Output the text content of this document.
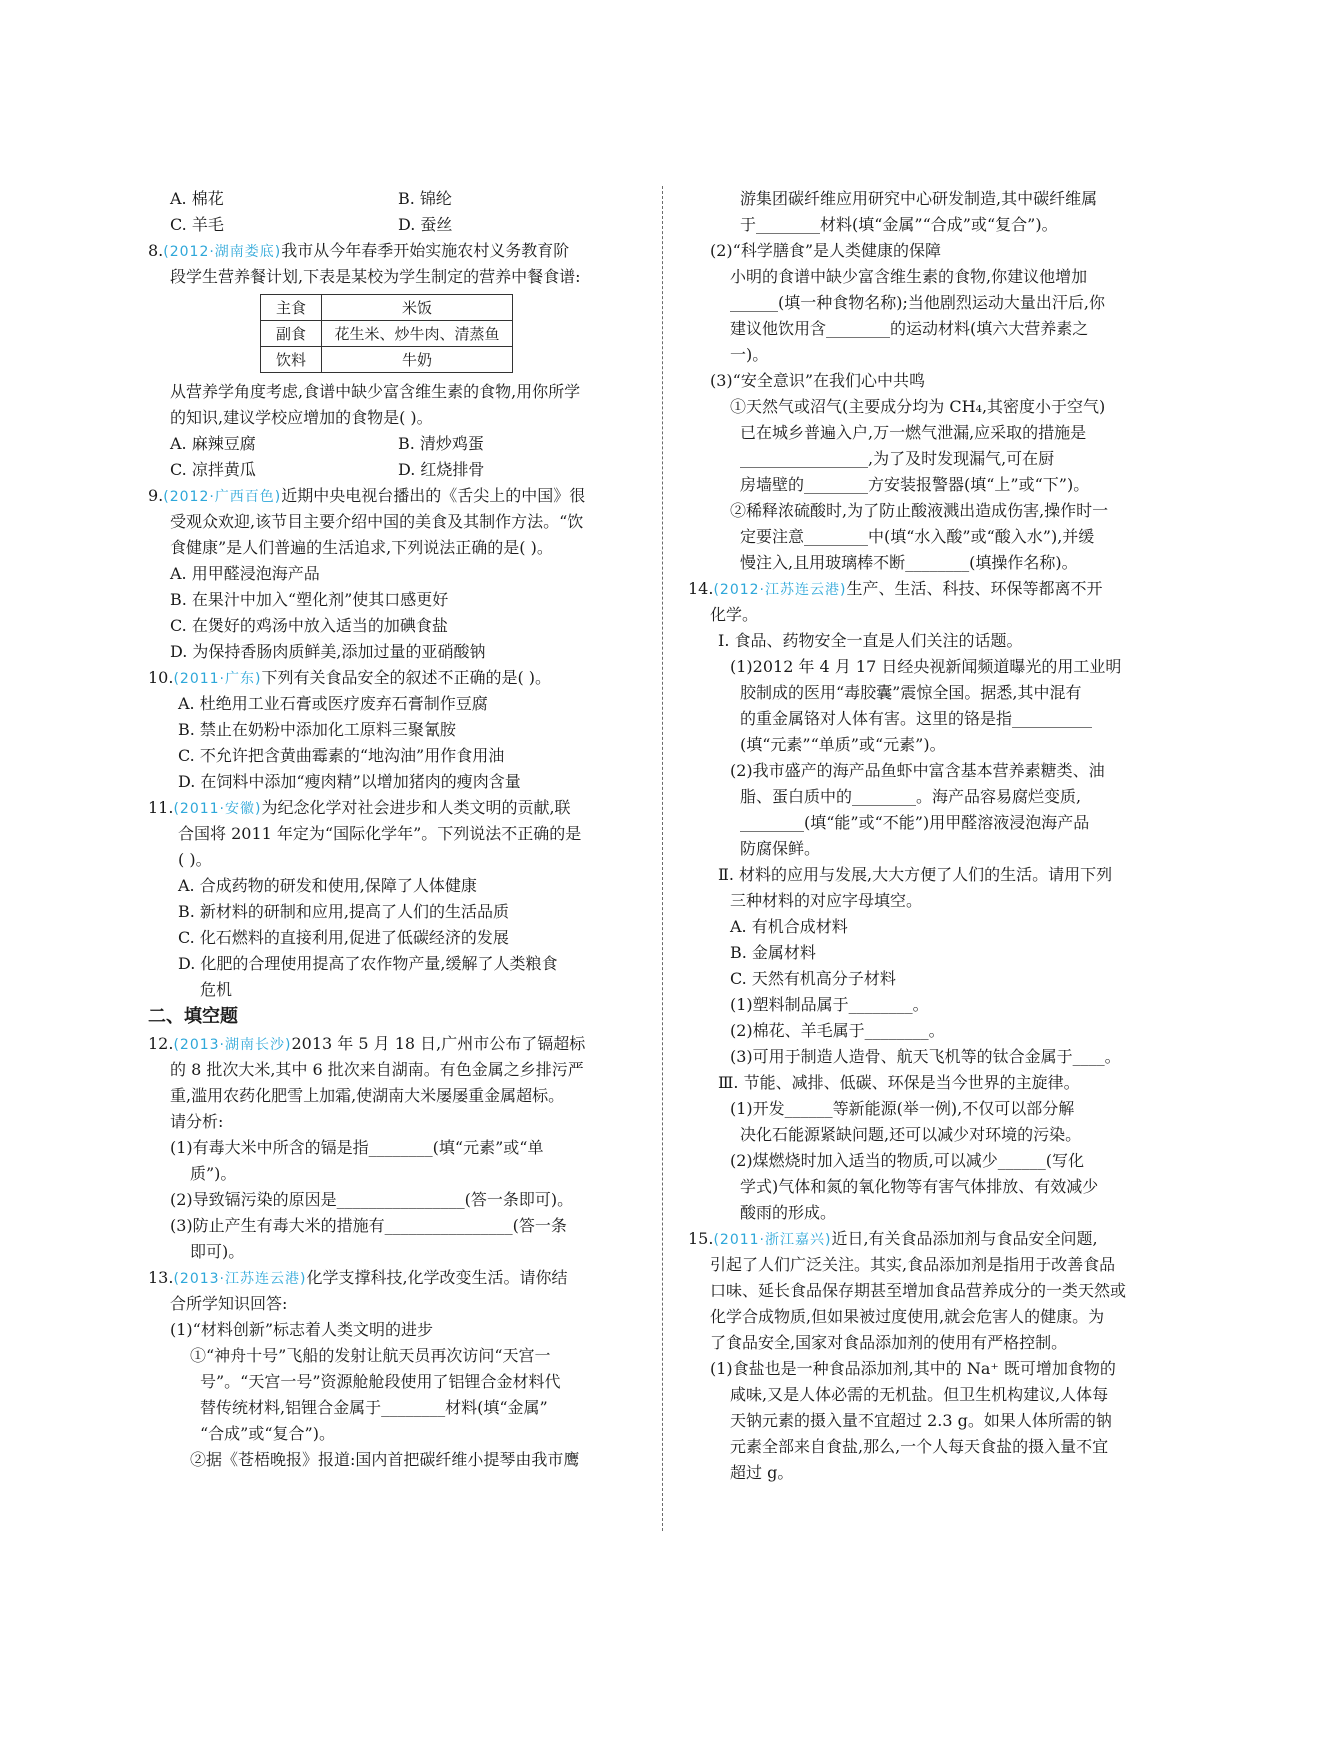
A. 棉花	B. 锦纶
C. 羊毛	D. 蚕丝
8.(2012·湖南娄底)我市从今年春季开始实施农村义务教育阶
段学生营养餐计划,下表是某校为学生制定的营养中餐食谱:
主食	米饭
副食	花生米、炒牛肉、清蒸鱼
饮料	牛奶
从营养学角度考虑,食谱中缺少富含维生素的食物,用你所学
的知识,建议学校应增加的食物是( )。
A. 麻辣豆腐	B. 清炒鸡蛋
C. 凉拌黄瓜	D. 红烧排骨
9.(2012·广西百色)近期中央电视台播出的《舌尖上的中国》很
受观众欢迎,该节目主要介绍中国的美食及其制作方法。“饮
食健康”是人们普遍的生活追求,下列说法正确的是( )。
A. 用甲醛浸泡海产品
B. 在果汁中加入“塑化剂”使其口感更好
C. 在煲好的鸡汤中放入适当的加碘食盐
D. 为保持香肠肉质鲜美,添加过量的亚硝酸钠
10.(2011·广东)下列有关食品安全的叙述不正确的是( )。
A. 杜绝用工业石膏或医疗废弃石膏制作豆腐
B. 禁止在奶粉中添加化工原料三聚氰胺
C. 不允许把含黄曲霉素的“地沟油”用作食用油
D. 在饲料中添加“瘦肉精”以增加猪肉的瘦肉含量
11.(2011·安徽)为纪念化学对社会进步和人类文明的贡献,联
合国将 2011 年定为“国际化学年”。下列说法不正确的是
( )。
A. 合成药物的研发和使用,保障了人体健康
B. 新材料的研制和应用,提高了人们的生活品质
C. 化石燃料的直接利用,促进了低碳经济的发展
D. 化肥的合理使用提高了农作物产量,缓解了人类粮食
危机
二、填空题
12.(2013·湖南长沙)2013 年 5 月 18 日,广州市公布了镉超标
的 8 批次大米,其中 6 批次来自湖南。有色金属之乡排污严
重,滥用农药化肥雪上加霜,使湖南大米屡屡重金属超标。
请分析:
(1)有毒大米中所含的镉是指________(填“元素”或“单
质”)。
(2)导致镉污染的原因是________________(答一条即可)。
(3)防止产生有毒大米的措施有________________(答一条
即可)。
13.(2013·江苏连云港)化学支撑科技,化学改变生活。请你结
合所学知识回答:
(1)“材料创新”标志着人类文明的进步
①“神舟十号”飞船的发射让航天员再次访问“天宫一
号”。“天宫一号”资源舱舱段使用了铝锂合金材料代
替传统材料,铝锂合金属于________材料(填“金属”
“合成”或“复合”)。
②据《苍梧晚报》报道:国内首把碳纤维小提琴由我市鹰
游集团碳纤维应用研究中心研发制造,其中碳纤维属
于________材料(填“金属”“合成”或“复合”)。
(2)“科学膳食”是人类健康的保障
小明的食谱中缺少富含维生素的食物,你建议他增加
______(填一种食物名称);当他剧烈运动大量出汗后,你
建议他饮用含________的运动材料(填六大营养素之
一)。
(3)“安全意识”在我们心中共鸣
①天然气或沼气(主要成分均为 CH₄,其密度小于空气)
已在城乡普遍入户,万一燃气泄漏,应采取的措施是
________________,为了及时发现漏气,可在厨
房墙壁的________方安装报警器(填“上”或“下”)。
②稀释浓硫酸时,为了防止酸液溅出造成伤害,操作时一
定要注意________中(填“水入酸”或“酸入水”),并缓
慢注入,且用玻璃棒不断________(填操作名称)。
14.(2012·江苏连云港)生产、生活、科技、环保等都离不开
化学。
Ⅰ. 食品、药物安全一直是人们关注的话题。
(1)2012 年 4 月 17 日经央视新闻频道曝光的用工业明
胶制成的医用“毒胶囊”震惊全国。据悉,其中混有
的重金属铬对人体有害。这里的铬是指__________
(填“元素”“单质”或“元素”)。
(2)我市盛产的海产品鱼虾中富含基本营养素糖类、油
脂、蛋白质中的________。海产品容易腐烂变质,
________(填“能”或“不能”)用甲醛溶液浸泡海产品
防腐保鲜。
Ⅱ. 材料的应用与发展,大大方便了人们的生活。请用下列
三种材料的对应字母填空。
A. 有机合成材料
B. 金属材料
C. 天然有机高分子材料
(1)塑料制品属于________。
(2)棉花、羊毛属于________。
(3)可用于制造人造骨、航天飞机等的钛合金属于____。
Ⅲ. 节能、减排、低碳、环保是当今世界的主旋律。
(1)开发______等新能源(举一例),不仅可以部分解
决化石能源紧缺问题,还可以减少对环境的污染。
(2)煤燃烧时加入适当的物质,可以减少______(写化
学式)气体和氮的氧化物等有害气体排放、有效减少
酸雨的形成。
15.(2011·浙江嘉兴)近日,有关食品添加剂与食品安全问题,
引起了人们广泛关注。其实,食品添加剂是指用于改善食品
口味、延长食品保存期甚至增加食品营养成分的一类天然或
化学合成物质,但如果被过度使用,就会危害人的健康。为
了食品安全,国家对食品添加剂的使用有严格控制。
(1)食盐也是一种食品添加剂,其中的 Na⁺ 既可增加食物的
咸味,又是人体必需的无机盐。但卫生机构建议,人体每
天钠元素的摄入量不宜超过 2.3 g。如果人体所需的钠
元素全部来自食盐,那么,一个人每天食盐的摄入量不宜
超过 g。
